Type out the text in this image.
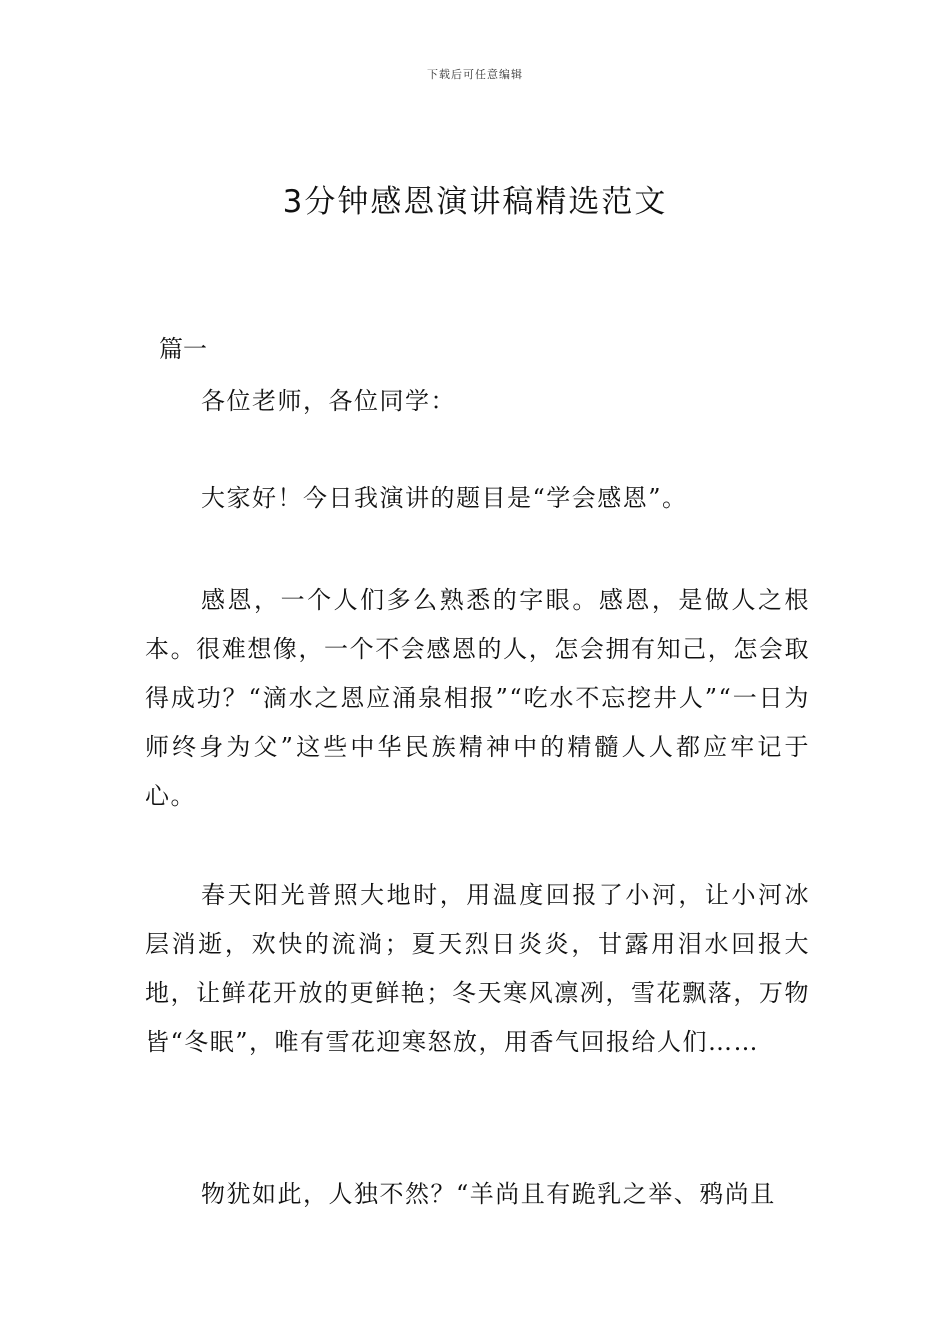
下载后可任意编辑
3分钟感恩演讲稿精选范文
篇一

各位老师，各位同学：

大家好！今日我演讲的题目是“学会感恩”。

感恩，一个人们多么熟悉的字眼。感恩，是做人之根本。很难想像，一个不会感恩的人，怎会拥有知己，怎会取得成功？“滴水之恩应涌泉相报”“吃水不忘挖井人”“一日为师终身为父”这些中华民族精神中的精髓人人都应牢记于心。

春天阳光普照大地时，用温度回报了小河，让小河冰层消逝，欢快的流淌；夏天烈日炎炎，甘露用泪水回报大地，让鲜花开放的更鲜艳；冬天寒风凛冽，雪花飘落，万物皆“冬眠”，唯有雪花迎寒怒放，用香气回报给人们……

物犹如此，人独不然？“羊尚且有跪乳之举、鸦尚且
